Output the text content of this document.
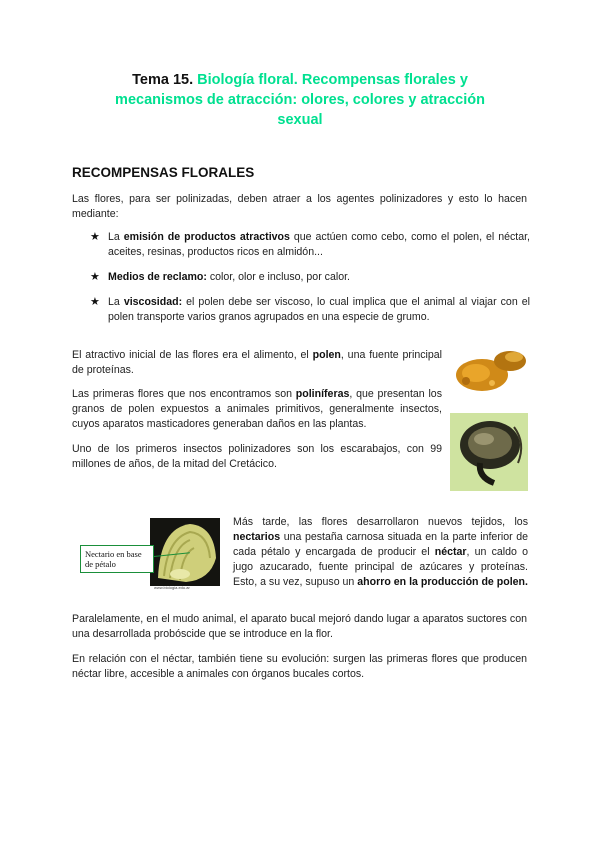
Tema 15. Biología floral. Recompensas florales y mecanismos de atracción: olores, colores y atracción sexual
RECOMPENSAS FLORALES
Las flores, para ser polinizadas, deben atraer a los agentes polinizadores y esto lo hacen mediante:
★ La emisión de productos atractivos que actúen como cebo, como el polen, el néctar, aceites, resinas, productos ricos en almidón...
★ Medios de reclamo: color, olor e incluso, por calor.
★ La viscosidad: el polen debe ser viscoso, lo cual implica que el animal al viajar con el polen transporte varios granos agrupados en una especie de grumo.
El atractivo inicial de las flores era el alimento, el polen, una fuente principal de proteínas.
Las primeras flores que nos encontramos son poliníferas, que presentan los granos de polen expuestos a animales primitivos, generalmente insectos, cuyos aparatos masticadores generaban daños en las plantas.
Uno de los primeros insectos polinizadores son los escarabajos, con 99 millones de años, de la mitad del Cretácico.
Nectario en base de pétalo
www.biologia.edu.ar
Más tarde, las flores desarrollaron nuevos tejidos, los nectarios una pestaña carnosa situada en la parte inferior de cada pétalo y encargada de producir el néctar, un caldo o jugo azucarado, fuente principal de azúcares y proteínas. Esto, a su vez, supuso un ahorro en la producción de polen.
Paralelamente, en el mudo animal, el aparato bucal mejoró dando lugar a aparatos suctores con una desarrollada probóscide que se introduce en la flor.
En relación con el néctar, también tiene su evolución: surgen las primeras flores que producen néctar libre, accesible a animales con órganos bucales cortos.
